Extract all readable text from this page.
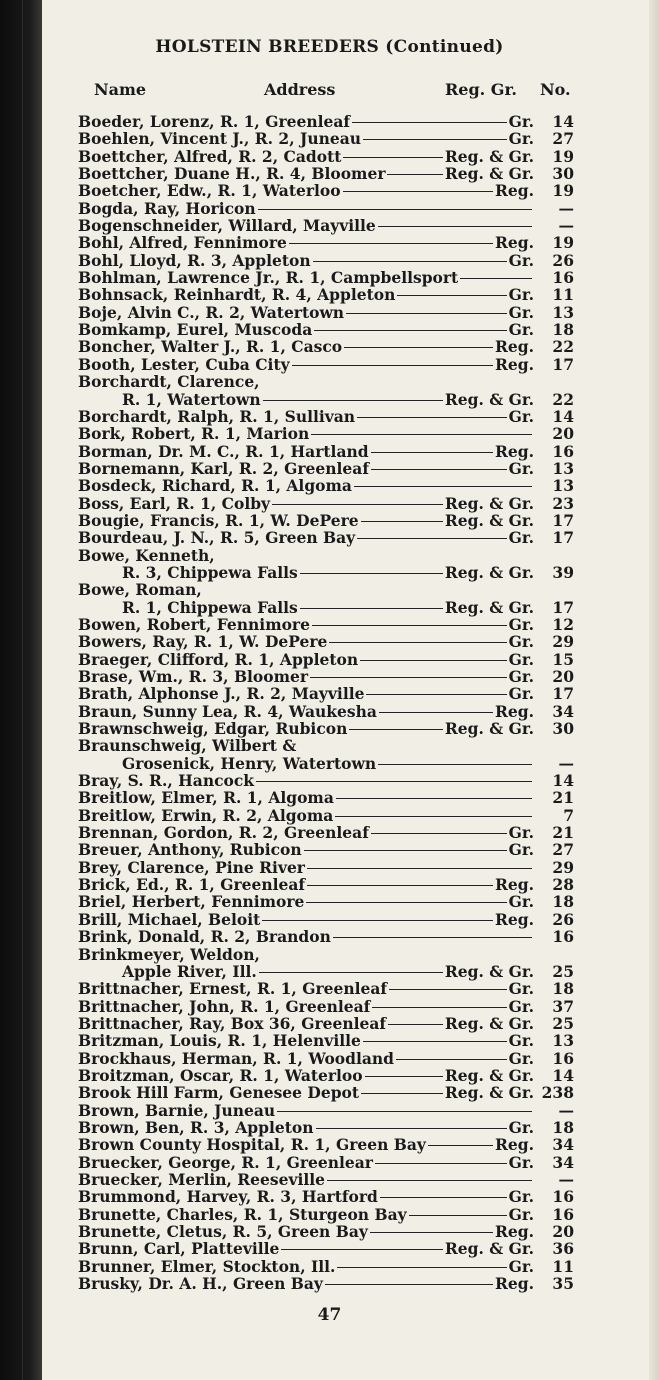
HOLSTEIN BREEDERS (Continued)
Name	Address	Reg. Gr. No.
Boeder, Lorenz, R. 1, Greenleaf	Gr.	14
Boehlen, Vincent J., R. 2, Juneau	Gr.	27
Boettcher, Alfred, R. 2, Cadott	Reg. & Gr.	19
Boettcher, Duane H., R. 4, Bloomer	Reg. & Gr.	30
Boetcher, Edw., R. 1, Waterloo	Reg.	19
Bogda, Ray, Horicon	—
Bogenschneider, Willard, Mayville	—
Bohl, Alfred, Fennimore	Reg.	19
Bohl, Lloyd, R. 3, Appleton	Gr.	26
Bohlman, Lawrence Jr., R. 1, Campbellsport	16
Bohnsack, Reinhardt, R. 4, Appleton	Gr.	11
Boje, Alvin C., R. 2, Watertown	Gr.	13
Bomkamp, Eurel, Muscoda	Gr.	18
Boncher, Walter J., R. 1, Casco	Reg.	22
Booth, Lester, Cuba City	Reg.	17
Borchardt, Clarence,
R. 1, Watertown	Reg. & Gr.	22
Borchardt, Ralph, R. 1, Sullivan	Gr.	14
Bork, Robert, R. 1, Marion	20
Borman, Dr. M. C., R. 1, Hartland	Reg.	16
Bornemann, Karl, R. 2, Greenleaf	Gr.	13
Bosdeck, Richard, R. 1, Algoma	13
Boss, Earl, R. 1, Colby	Reg. & Gr.	23
Bougie, Francis, R. 1, W. DePere	Reg. & Gr.	17
Bourdeau, J. N., R. 5, Green Bay	Gr.	17
Bowe, Kenneth,
R. 3, Chippewa Falls	Reg. & Gr.	39
Bowe, Roman,
R. 1, Chippewa Falls	Reg. & Gr.	17
Bowen, Robert, Fennimore	Gr.	12
Bowers, Ray, R. 1, W. DePere	Gr.	29
Braeger, Clifford, R. 1, Appleton	Gr.	15
Brase, Wm., R. 3, Bloomer	Gr.	20
Brath, Alphonse J., R. 2, Mayville	Gr.	17
Braun, Sunny Lea, R. 4, Waukesha	Reg.	34
Brawnschweig, Edgar, Rubicon	Reg. & Gr.	30
Braunschweig, Wilbert &
Grosenick, Henry, Watertown	—
Bray, S. R., Hancock	14
Breitlow, Elmer, R. 1, Algoma	21
Breitlow, Erwin, R. 2, Algoma	7
Brennan, Gordon, R. 2, Greenleaf	Gr.	21
Breuer, Anthony, Rubicon	Gr.	27
Brey, Clarence, Pine River	29
Brick, Ed., R. 1, Greenleaf	Reg.	28
Briel, Herbert, Fennimore	Gr.	18
Brill, Michael, Beloit	Reg.	26
Brink, Donald, R. 2, Brandon	16
Brinkmeyer, Weldon,
Apple River, Ill.	Reg. & Gr.	25
Brittnacher, Ernest, R. 1, Greenleaf	Gr.	18
Brittnacher, John, R. 1, Greenleaf	Gr.	37
Brittnacher, Ray, Box 36, Greenleaf	Reg. & Gr.	25
Britzman, Louis, R. 1, Helenville	Gr.	13
Brockhaus, Herman, R. 1, Woodland	Gr.	16
Broitzman, Oscar, R. 1, Waterloo	Reg. & Gr.	14
Brook Hill Farm, Genesee Depot	Reg. & Gr. 238
Brown, Barnie, Juneau	—
Brown, Ben, R. 3, Appleton	Gr.	18
Brown County Hospital, R. 1, Green Bay	Reg.	34
Bruecker, George, R. 1, Greenlear	Gr.	34
Bruecker, Merlin, Reeseville	—
Brummond, Harvey, R. 3, Hartford	Gr.	16
Brunette, Charles, R. 1, Sturgeon Bay	Gr.	16
Brunette, Cletus, R. 5, Green Bay	Reg.	20
Brunn, Carl, Platteville	Reg. & Gr.	36
Brunner, Elmer, Stockton, Ill.	Gr.	11
Brusky, Dr. A. H., Green Bay	Reg.	35
47
